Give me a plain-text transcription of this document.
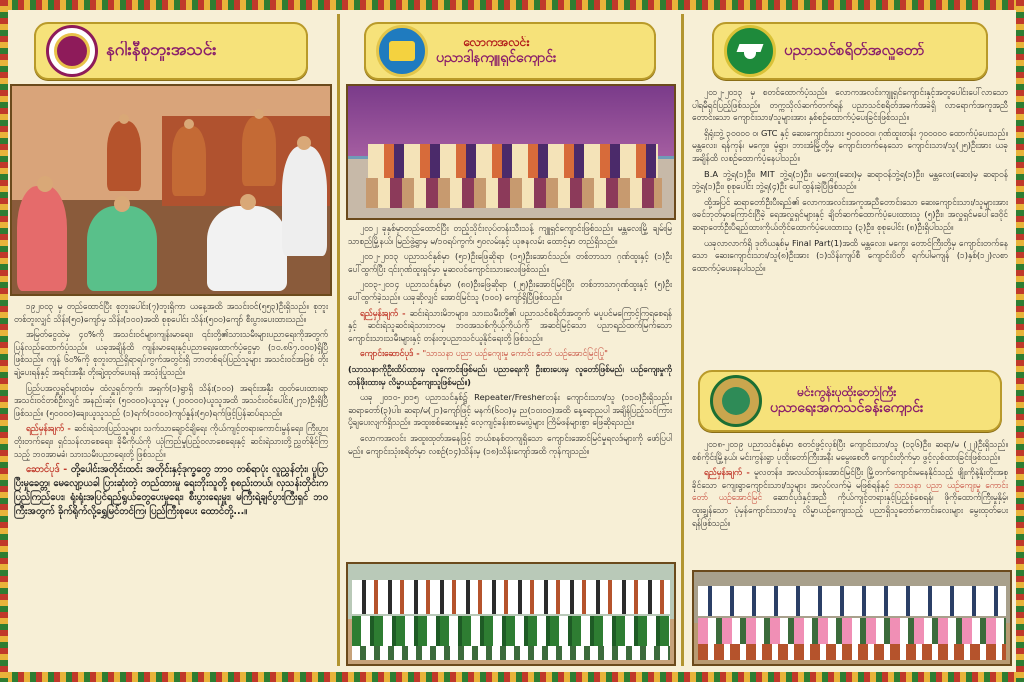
နဂါးနီစုဘူးအသင်း

၁၉၂၀၀၃ မှ တည်ထောင်ပြီး စုဘူးပေါင်း(၇)ဘူးရှိကာ ယနေ့အထိ အသင်းဝင်(၅၅၃)ဦးရှိသည်။ စုဘူးတစ်ဘူးလျှင် သိန်း(၅၀)ကျော်မှ သိန်း(၁၀၀)အထိ စုစုပေါင်း သိန်း(၅၀၀)ကျော် စီးပွားပေးထားသည်။

အမြတ်ငွေထဲမှ ၄၀%ကို အသင်းဝင်များကျန်းမာရေး၊ ၎င်းတို့၏သားသမီးများပညာရေးကိုအတွက် ပြန်လည်ထောက်ပံ့သည်။ ယခုအချိန်ထိ ကျန်းမာရေးနှင့်ပညာရေးထောက်ပံ့ငွေမှာ (၁၀.၈၆၇.၀၀၀)ရှိပြီဖြစ်သည်။ ကျန် ၆၀%ကို စုဘူးတည်ရှိရာရပ်ကွက်အတွင်းရှိ ဘာတစ်ရပ်ပြည်သူများ အသင်းဝင်အဖြစ် တိုးချဲ့ပေးရန်နှင့် အရင်းအနှီး တိုးချဲ့ထုတ်ပေးရန် အသုံးပြုသည်။

ပြည်ပအလှူရှင်များထံမှ ထံလှူရှင်ကွက်၊ အရှက်(၁)ရွာရှိ သိန်း(၁၀၀) အရင်းအနှီး ထုတ်ပေးထားရာ အသင်းဝင်တစ်ဦးလျှင် အနည်းဆုံး (၅၀၀၀၀)ယူသူမှ (၂၀၀၀၀၀)ယူသူအထိ အသင်းဝင်ပေါင်း(၂၇၁)ဦးရှိပြီဖြစ်သည်။ (၅၀၀၀၀)ချေးယူသူသည် (၁)ရက်(၁၀၀၀)ကျပ်နှုန်း(၅၀)ရက်ဖြင့်ပြန်ဆပ်ရသည်။

ရည်မှန်းချက် - ဆင်းရဲသားပြည်သူများ သက်သာချောင်ချိရေး ကိုယ်ကျင့်တရားကောင်းမွန်ရေး၊ ကြီးပွားတိုးတက်ရေး၊ ရှင်သန်လာစေရေး၊ ခိုမီကိုယ်ကို ယုံကြည်မှုပြည့်ဝလာစေရေးနှင့် ဆင်းရဲသားတို့ညွှတ်နိုင်ကြသည့် ဘဝအာမခံ၊ သားသမီးပညာရေးတို့ ဖြစ်သည်။

ဆောင်ပုဒ် - တို့ပေါင်းအတိုင်းထင်း အတိုင်းနှင့်ဒုက္ခတွေ ဘာဝ တစ်ရာပုံး လူညွှန်တုံး၊ ပူပြာပြီးမှုခေတ္တ၊ မေလျော့ယခါ ပြားဆုံးတဲ့ တည်ထားမှု ရေးဘိုးသူတို့ စုစည်းတယ်၊ လှသန်းတိုင်းက ပြည်ကြည်ပေး၊ ရုံးရုံးအပြင်ရည်ရွယ်တွေပေးမှုရေး၊ စီးပွားရေးမှူး၊ မကြီးရဲ့ချင်ပွားကြီးရှင် ဘဝကြီးအတွက် ခိုက်ရိုက်လို့ရွှေမြင်တင်ကြ၊ ပြည်ကြီးစုပေး ထောင်တို့...။

လောကအလင်း
ပညာဒါနကျူရှင်ကျောင်း

၂၀၁၂ ခုနှစ်မှာတည်ထောင်ပြီး တည့်သိုင်းလုပ်တန်းသီးသန့် ကျူရှင်ကျောင်းဖြစ်သည်။ မန္တလေးမြို့ ချမ်းမြသာစည်မြို့နယ်၊ မြည်ဖွဲ့ရွာမှ မ/၁၀ရပ်ကွက်၊ ၅ဝလမ်းနှင့် ယုဇနလမ်း ထောင့်မှာ တည်ရှိသည်။

၂၀၁၂-၂၀၁၃ ပညာသင်နှစ်မှာ (၅၁)ဦးဖြေဆိုရာ (၁၅)ဦးအောင်သည်။ တစ်ဘာသာ ဂုဏ်ထူးနှင့် (၁)ဦး ပေါ်ထွက်ပြီး ၎င်းဂုဏ်ထူးရှင်မှာ မူဆလင်ကျောင်းသားလေးဖြစ်သည်။

၂၀၁၃-၂၀၁၄ ပညာသင်နှစ်မှာ (၈၀)ဦးဖြေဆိုရာ (၂၅)ဦးအောင်မြင်ပြီး တစ်ဘာသာဂုဏ်ထူးနှင့် (၅)ဦးပေါ်ထွက်ခဲ့သည်။ ယခုဆိုလျှင် အောင်မြင်သူ (၁၀၀) ကျော်ရှိပြီဖြစ်သည်။

ရည်မှန်းချက် - ဆင်းရဲသားမိဘများ၊ သားသမီးတို့၏ ပညာသင်စရိတ်အတွက် မပူပင်မကြောင့်ကြရစေရန်နှင့် ဆင်းရဲသူဆင်းရဲသားဘဝမှ ဘဝအသစ်ကိုယ့်ကိုယ်ကို အဆင်မြင့်သော ပညာရည်ထက်မြက်သော ကျောင်းသားသမီးများနှင့် တန်းတူပညာသင်ယူနိုင်ရေးတို့ဖြစ်သည်။

ကျောင်းဆောင်ပုဒ် - "သာသနာ ပညာ ယဉ်ကျေးမှု ကောင်း တော် ယဉ်အောင်မြင်ပြု"

(သာသနာကိုဦးထိပ်ထားမှ လူကောင်းဖြစ်မည်၊ ပညာရေးကို ဦးစားပေးမှ လူတော်ဖြစ်မည်၊ ယဉ်ကျေးမှုကိုတန်ဖိုးထားမှ လိမ္မာယဉ်ကျေးသူဖြစ်မည်။)

ယခု ၂၀၁၀-၂၀၁၅ ပညာသင်နှစ်၌ Repeater/Fresherတန်း ကျောင်းသား/သူ (၁၁၀)ဦးရှိသည်။ ဆရာတော်(၃)ပါး၊ ဆရာ/မ(၂၁)ကျော်ဖြင့် မနက်(၆၀၀)မှ ည(၁၀း၀၀)အထိ နေ့ရောညပါ အချိန်ပြည့်သင်ကြားပို့ချပေးလျက်ရှိသည်။ အထူးစစ်ဆေးမှုနှင့် လေ့ကျင့်ခန်းစာမေးပွဲများ ကြိမ်ဖန်များစွာ ဖြေဆိုရသည်။

လောကအလင်း အထူးထုတ်အနေဖြင့် ဘယ်စနစ်တကျရှိသော ကျောင်းအောင်မြင်မှုရလဒ်များကို ဖော်ပြပါမည်။ ကျောင်းသုံးစရိတ်မှာ လစဉ်(၁၄)သိန်းမှ (၁၈)သိန်းကျော်အထိ ကုန်ကျသည်။

ပညာသင်စရိတ်အလှူတော်

၂၀၁၂-၂၀၁၃ မှ စတင်ထောက်ပံ့သည်။ လောကအလင်းကျူရှင်ကျောင်းနှင့်အတူပေါင်းပေါ်လာသော ပါရမီရှင်ပြည့်ဖြစ်သည်။ တက္ကသိုလ်ဆက်တက်ရန် ပညာသင်စရိတ်အခက်အခဲရှိ လာရောက်အကူအညီတောင်းသော ကျောင်းသား/သူများအား နှစ်စဉ်ထောက်ပံ့ပေးခြင်းဖြစ်သည်။

ရှိရုံးဘွဲ့ ၃၀၀၀၀ ဝ၊ GTC နှင့် ဆေးကျောင်းသား ၅၀၀၀၀ဝ၊ ဂုဏ်ထူးတန်း ၇၀၀၀၀ဝ ထောက်ပံ့ပေးသည်။ မန္တလေး၊ ရန်ကုန်၊ မကွေး၊ မုံရွာ၊ ဘားအံမြို့တို့မှ ကျောင်းတက်နေသော ကျောင်းသား/သူ(၂၅)ဦးအား ယခုအချိန်ထိ လစဉ်ထောက်ပံ့နေပါသည်။

B.A ဘွဲ့ရ(၁)ဦး၊ MIT ဘွဲ့ရ(၁)ဦး၊ မကွေး(ဆေး)မှ ဆရာဝန်ဘွဲ့ရ(၁)ဦး၊ မန္တလေး(ဆေး)မှ ဆရာဝန်ဘွဲ့ရ(၁)ဦး၊ စုစုပေါင်း ဘွဲ့ရ(၄)ဦး ပေါ်ထွန်းခဲ့ပြီဖြစ်သည်။

ထို့အပြင် ဆရာတော်ဦးပီးရည်၏ လောကအလင်းအကူအညီတောင်းသော ဆေးကျောင်းသား/သူများအားဖခင်ဘုတ်မှာကြောင်းဂြီခဲ့ ရေအလှူရှင်များနှင့် ချိတ်ဆက်ထောက်ပံ့ပေးထားသူ (၅)ဦး၊ အလှူရှင်မပေါ်ဒေဝိုင် ဆရာတော်ဦးပီရည်ထားကိုယ်တိုင်ထောက်ပံ့ပေးထားသူ (၃)ဦး၊ စုစုပေါင်း (၈)ဦးရှိပါသည်။

ယခုလာလာက်ရှိ ဒုတိယနှစ်မှ Final Part(1)အထိ မန္တလေး၊ မကွေး တောင်ကြီးတို့မှ ကျောင်းတက်နေသော ဆေးကျောင်းသား/သူ(၈)ဦးအား (၁)သိန်းကျပ်စီ ကျောင်းပိတ် ရက်ပါမကျန် (၁)နှစ်(၁၂)လစာ ထောက်ပံ့ပေးနေပါသည်။

မင်းကွန်းပုထိုးတော်ကြီး
ပညာရေးအကသင်ခန်းကျောင်း

၂၀၁၈-၂၀၁၉ ပညာသင်နှစ်မှာ စတင်ဖွင့်လှစ်ပြီး ကျောင်းသား/သူ (၁၃၆)ဦး၊ ဆရာ/မ (၂၂)ဦးရှိသည်။ စစ်ကိုင်းမြို့နယ်၊ မင်းကွန်းရွာ ပုထိုးတော်ကြီးအနီး မမွေးစေတီ ကျောင်းတိုက်မှာ ဖွင့်လှစ်ထားခြင်းဖြစ်သည်။

ရည်မှန်းချက် - မူလတန်း၊ အလယ်တန်းအောင်မြင်ပြီး မြို့တက်ကျောင်းမနေနိုင်သည့် ဖျိုးကိုနဲ့နိုးတိုးအစုခိုင်သော ကျေးရွာကျောင်းသား/သူများ အလုပ်လက်မဲ့ မဖြစ်ရန်နှင့် သာသနာ ပညာ ယဉ်ကျေးမှု ကောင်း တော် ယဉ်အောင်မြင် ဆောင်ပုဒ်နှင့်အညီ ကိုယ်ကျင့်တရားနှင့်ပြည့်စုံစေရန်၊ ဖိုကိုထောက်ကြီးမှုနှိမ့်၊ ထူးချွန်သော ပုံမှန်ကျောင်းသား/သူ လိမ္မာယဉ်ကျေးသည့် ပညာရှိသူတော်ကောင်းလေးများ မွေးထုတ်ပေးရန်ဖြစ်သည်။
